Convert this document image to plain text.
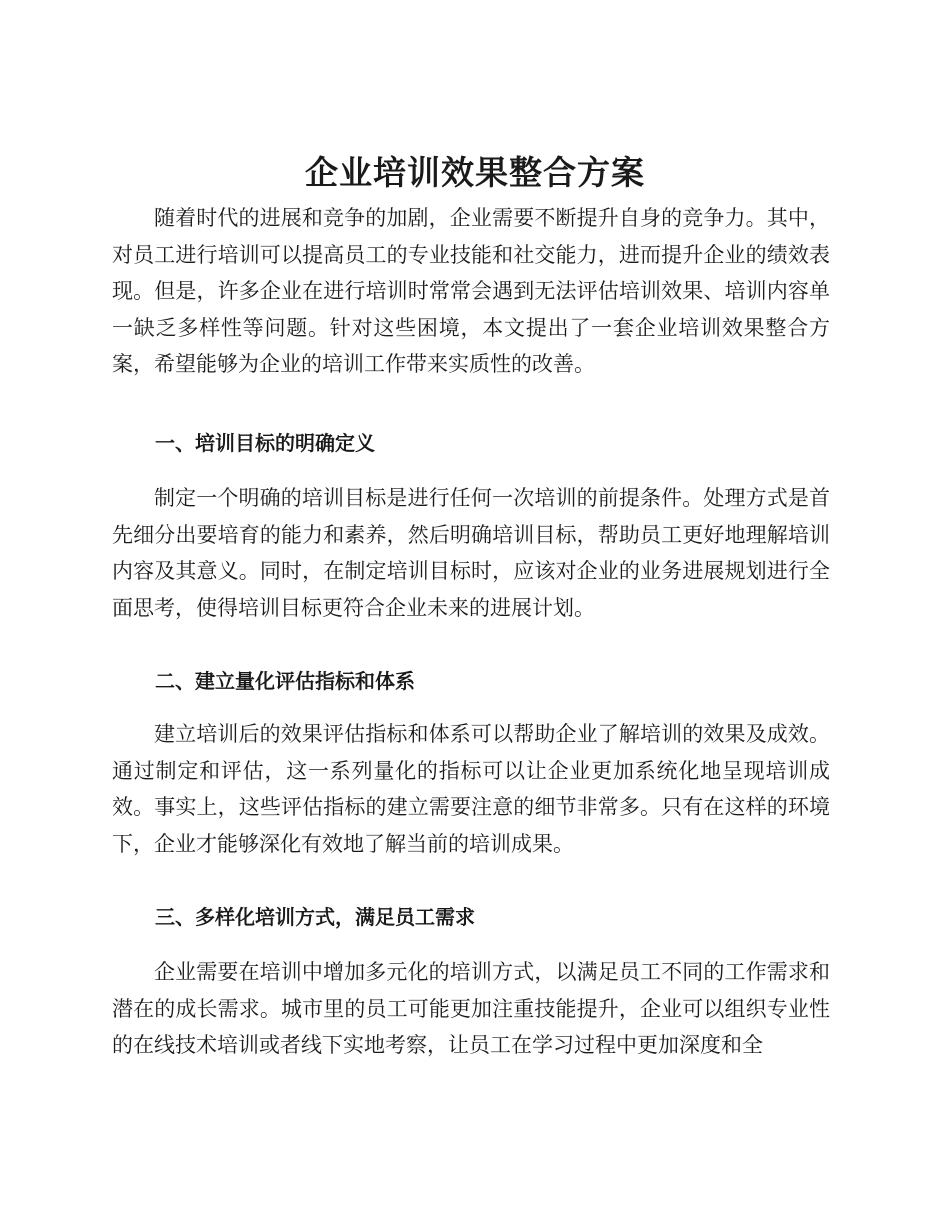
企业培训效果整合方案

随着时代的进展和竞争的加剧，企业需要不断提升自身的竞争力。其中，对员工进行培训可以提高员工的专业技能和社交能力，进而提升企业的绩效表现。但是，许多企业在进行培训时常常会遇到无法评估培训效果、培训内容单一缺乏多样性等问题。针对这些困境，本文提出了一套企业培训效果整合方案，希望能够为企业的培训工作带来实质性的改善。

一、培训目标的明确定义

制定一个明确的培训目标是进行任何一次培训的前提条件。处理方式是首先细分出要培育的能力和素养，然后明确培训目标，帮助员工更好地理解培训内容及其意义。同时，在制定培训目标时，应该对企业的业务进展规划进行全面思考，使得培训目标更符合企业未来的进展计划。

二、建立量化评估指标和体系

建立培训后的效果评估指标和体系可以帮助企业了解培训的效果及成效。通过制定和评估，这一系列量化的指标可以让企业更加系统化地呈现培训成效。事实上，这些评估指标的建立需要注意的细节非常多。只有在这样的环境下，企业才能够深化有效地了解当前的培训成果。

三、多样化培训方式，满足员工需求

企业需要在培训中增加多元化的培训方式，以满足员工不同的工作需求和潜在的成长需求。城市里的员工可能更加注重技能提升，企业可以组织专业性的在线技术培训或者线下实地考察，让员工在学习过程中更加深度和全
